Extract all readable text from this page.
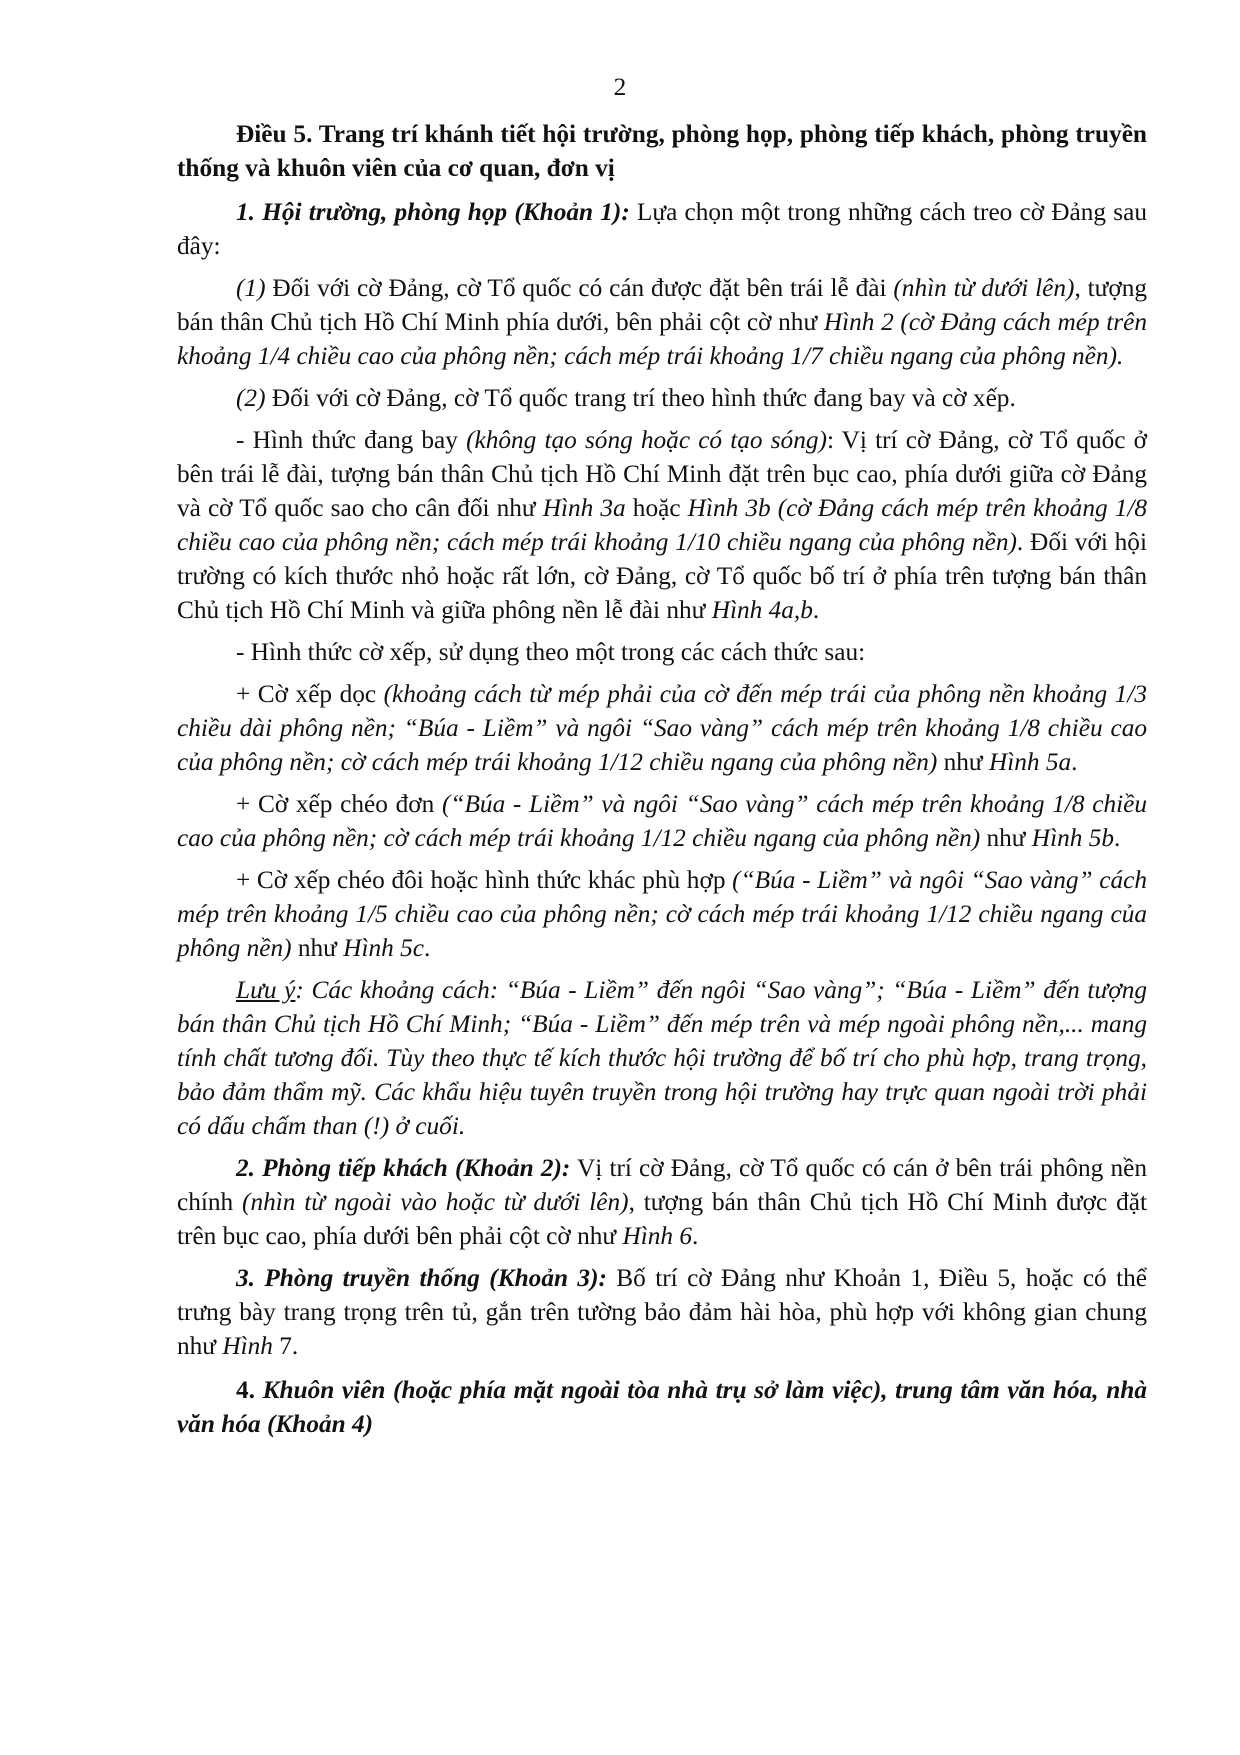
2

Điều 5. Trang trí khánh tiết hội trường, phòng họp, phòng tiếp khách, phòng truyền thống và khuôn viên của cơ quan, đơn vị

1. Hội trường, phòng họp (Khoản 1): Lựa chọn một trong những cách treo cờ Đảng sau đây:

(1) Đối với cờ Đảng, cờ Tổ quốc có cán được đặt bên trái lễ đài (nhìn từ dưới lên), tượng bán thân Chủ tịch Hồ Chí Minh phía dưới, bên phải cột cờ như Hình 2 (cờ Đảng cách mép trên khoảng 1/4 chiều cao của phông nền; cách mép trái khoảng 1/7 chiều ngang của phông nền).

(2) Đối với cờ Đảng, cờ Tổ quốc trang trí theo hình thức đang bay và cờ xếp.

- Hình thức đang bay (không tạo sóng hoặc có tạo sóng): Vị trí cờ Đảng, cờ Tổ quốc ở bên trái lễ đài, tượng bán thân Chủ tịch Hồ Chí Minh đặt trên bục cao, phía dưới giữa cờ Đảng và cờ Tổ quốc sao cho cân đối như Hình 3a hoặc Hình 3b (cờ Đảng cách mép trên khoảng 1/8 chiều cao của phông nền; cách mép trái khoảng 1/10 chiều ngang của phông nền). Đối với hội trường có kích thước nhỏ hoặc rất lớn, cờ Đảng, cờ Tổ quốc bố trí ở phía trên tượng bán thân Chủ tịch Hồ Chí Minh và giữa phông nền lễ đài như Hình 4a,b.

- Hình thức cờ xếp, sử dụng theo một trong các cách thức sau:

+ Cờ xếp dọc (khoảng cách từ mép phải của cờ đến mép trái của phông nền khoảng 1/3 chiều dài phông nền; “Búa - Liềm” và ngôi “Sao vàng” cách mép trên khoảng 1/8 chiều cao của phông nền; cờ cách mép trái khoảng 1/12 chiều ngang của phông nền) như Hình 5a.

+ Cờ xếp chéo đơn (“Búa - Liềm” và ngôi “Sao vàng” cách mép trên khoảng 1/8 chiều cao của phông nền; cờ cách mép trái khoảng 1/12 chiều ngang của phông nền) như Hình 5b.

+ Cờ xếp chéo đôi hoặc hình thức khác phù hợp (“Búa - Liềm” và ngôi “Sao vàng” cách mép trên khoảng 1/5 chiều cao của phông nền; cờ cách mép trái khoảng 1/12 chiều ngang của phông nền) như Hình 5c.

Lưu ý: Các khoảng cách: “Búa - Liềm” đến ngôi “Sao vàng”; “Búa - Liềm” đến tượng bán thân Chủ tịch Hồ Chí Minh; “Búa - Liềm” đến mép trên và mép ngoài phông nền,... mang tính chất tương đối. Tùy theo thực tế kích thước hội trường để bố trí cho phù hợp, trang trọng, bảo đảm thẩm mỹ. Các khẩu hiệu tuyên truyền trong hội trường hay trực quan ngoài trời phải có dấu chấm than (!) ở cuối.

2. Phòng tiếp khách (Khoản 2): Vị trí cờ Đảng, cờ Tổ quốc có cán ở bên trái phông nền chính (nhìn từ ngoài vào hoặc từ dưới lên), tượng bán thân Chủ tịch Hồ Chí Minh được đặt trên bục cao, phía dưới bên phải cột cờ như Hình 6.

3. Phòng truyền thống (Khoản 3): Bố trí cờ Đảng như Khoản 1, Điều 5, hoặc có thể trưng bày trang trọng trên tủ, gắn trên tường bảo đảm hài hòa, phù hợp với không gian chung như Hình 7.

4. Khuôn viên (hoặc phía mặt ngoài tòa nhà trụ sở làm việc), trung tâm văn hóa, nhà văn hóa (Khoản 4)
